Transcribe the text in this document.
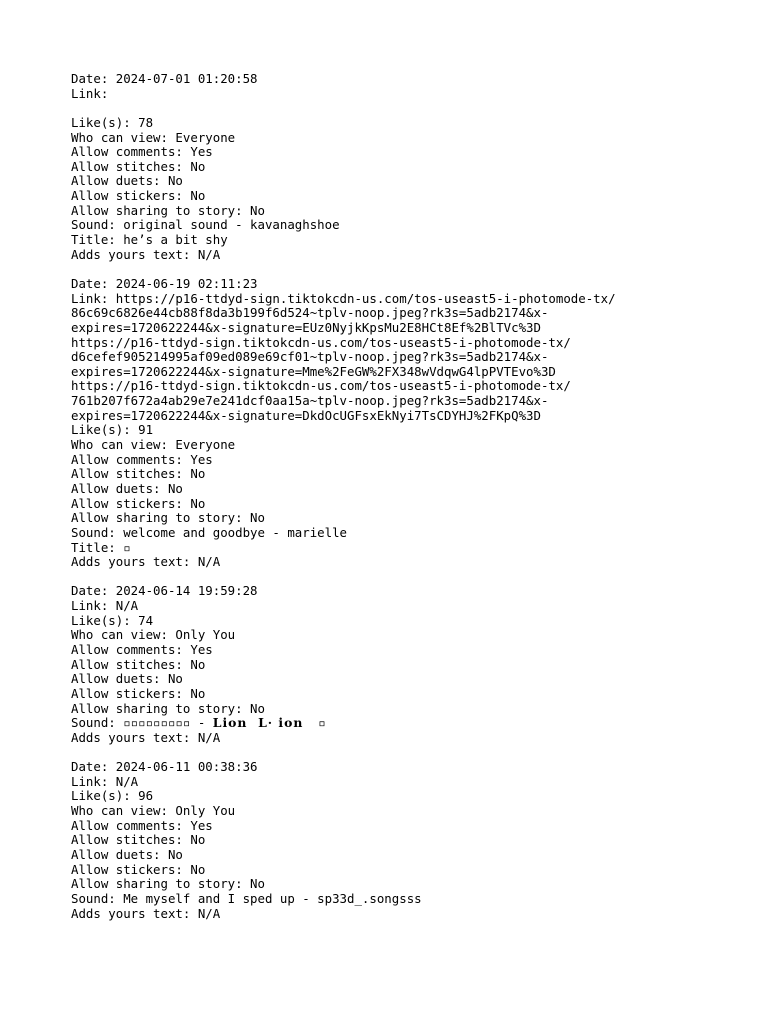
Date: 2024-07-01 01:20:58
Link:
Like(s): 78
Who can view: Everyone
Allow comments: Yes
Allow stitches: No
Allow duets: No
Allow stickers: No
Allow sharing to story: No
Sound: original sound - kavanaghshoe
Title: he’s a bit shy
Adds yours text: N/A
Date: 2024-06-19 02:11:23
Link: https://p16-ttdyd-sign.tiktokcdn-us.com/tos-useast5-i-photomode-tx/
86c69c6826e44cb88f8da3b199f6d524~tplv-noop.jpeg?rk3s=5adb2174&x-
expires=1720622244&x-signature=EUz0NyjkKpsMu2E8HCt8Ef%2BlTVc%3D
https://p16-ttdyd-sign.tiktokcdn-us.com/tos-useast5-i-photomode-tx/
d6cefef905214995af09ed089e69cf01~tplv-noop.jpeg?rk3s=5adb2174&x-
expires=1720622244&x-signature=Mme%2FeGW%2FX348wVdqwG4lpPVTEvo%3D
https://p16-ttdyd-sign.tiktokcdn-us.com/tos-useast5-i-photomode-tx/
761b207f672a4ab29e7e241dcf0aa15a~tplv-noop.jpeg?rk3s=5adb2174&x-
expires=1720622244&x-signature=DkdOcUGFsxEkNyi7TsCDYHJ%2FKpQ%3D
Like(s): 91
Who can view: Everyone
Allow comments: Yes
Allow stitches: No
Allow duets: No
Allow stickers: No
Allow sharing to story: No
Sound: welcome and goodbye - marielle
Title: ▫
Adds yours text: N/A
Date: 2024-06-14 19:59:28
Link: N/A
Like(s): 74
Who can view: Only You
Allow comments: Yes
Allow stitches: No
Allow duets: No
Allow stickers: No
Allow sharing to story: No
Sound: ▫▫▫▫▫▫▫▫▫ - Lion  L· ion  ▫
Adds yours text: N/A
Date: 2024-06-11 00:38:36
Link: N/A
Like(s): 96
Who can view: Only You
Allow comments: Yes
Allow stitches: No
Allow duets: No
Allow stickers: No
Allow sharing to story: No
Sound: Me myself and I sped up - sp33d_.songsss
Adds yours text: N/A
